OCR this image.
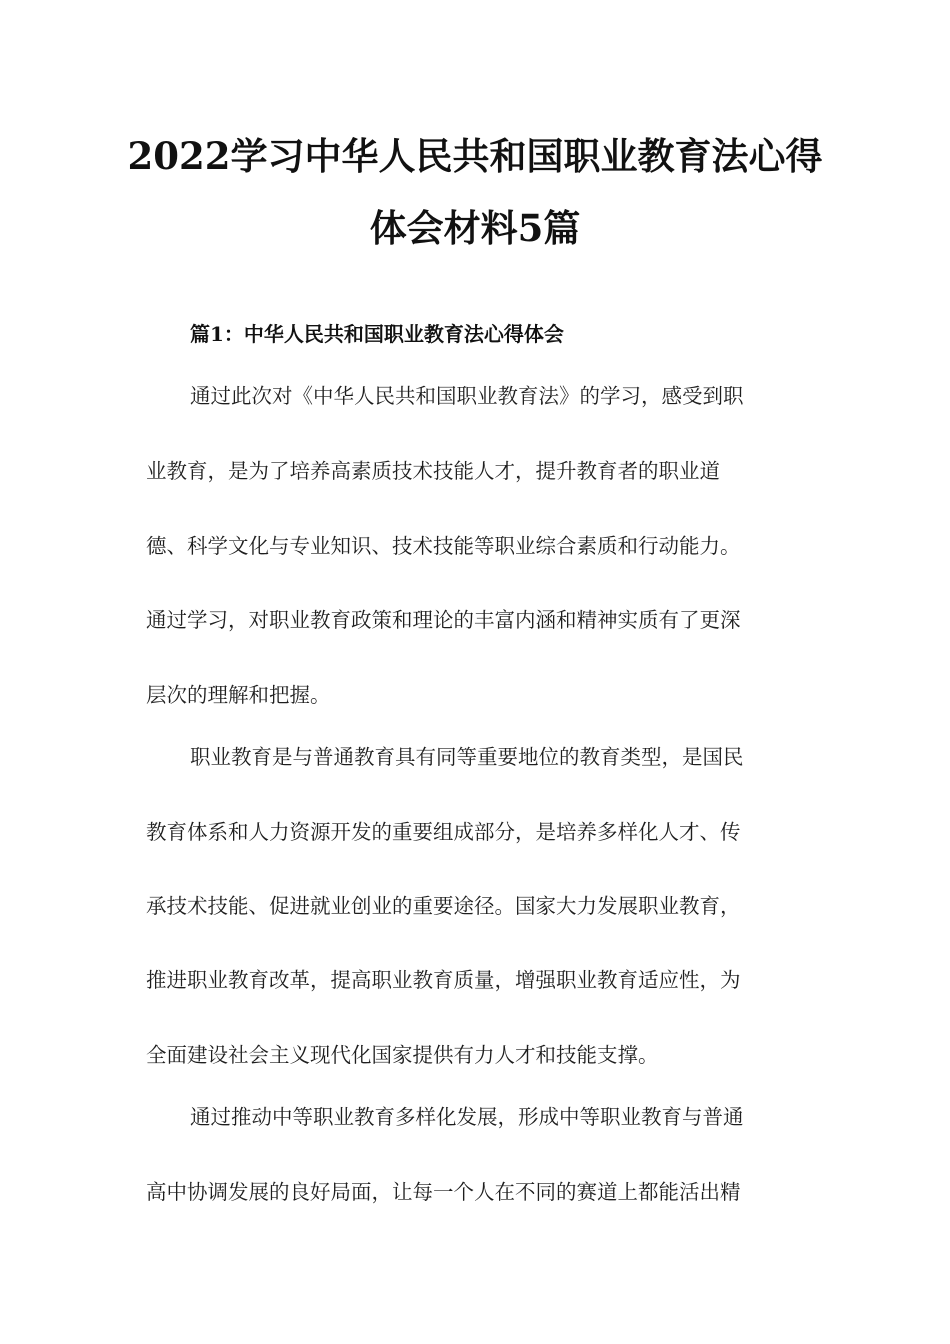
2022学习中华人民共和国职业教育法心得
体会材料5篇
篇1：中华人民共和国职业教育法心得体会

通过此次对《中华人民共和国职业教育法》的学习，感受到职

业教育，是为了培养高素质技术技能人才，提升教育者的职业道

德、科学文化与专业知识、技术技能等职业综合素质和行动能力。

通过学习，对职业教育政策和理论的丰富内涵和精神实质有了更深

层次的理解和把握。

职业教育是与普通教育具有同等重要地位的教育类型，是国民

教育体系和人力资源开发的重要组成部分，是培养多样化人才、传

承技术技能、促进就业创业的重要途径。国家大力发展职业教育，

推进职业教育改革，提高职业教育质量，增强职业教育适应性，为

全面建设社会主义现代化国家提供有力人才和技能支撑。

通过推动中等职业教育多样化发展，形成中等职业教育与普通

高中协调发展的良好局面，让每一个人在不同的赛道上都能活出精
